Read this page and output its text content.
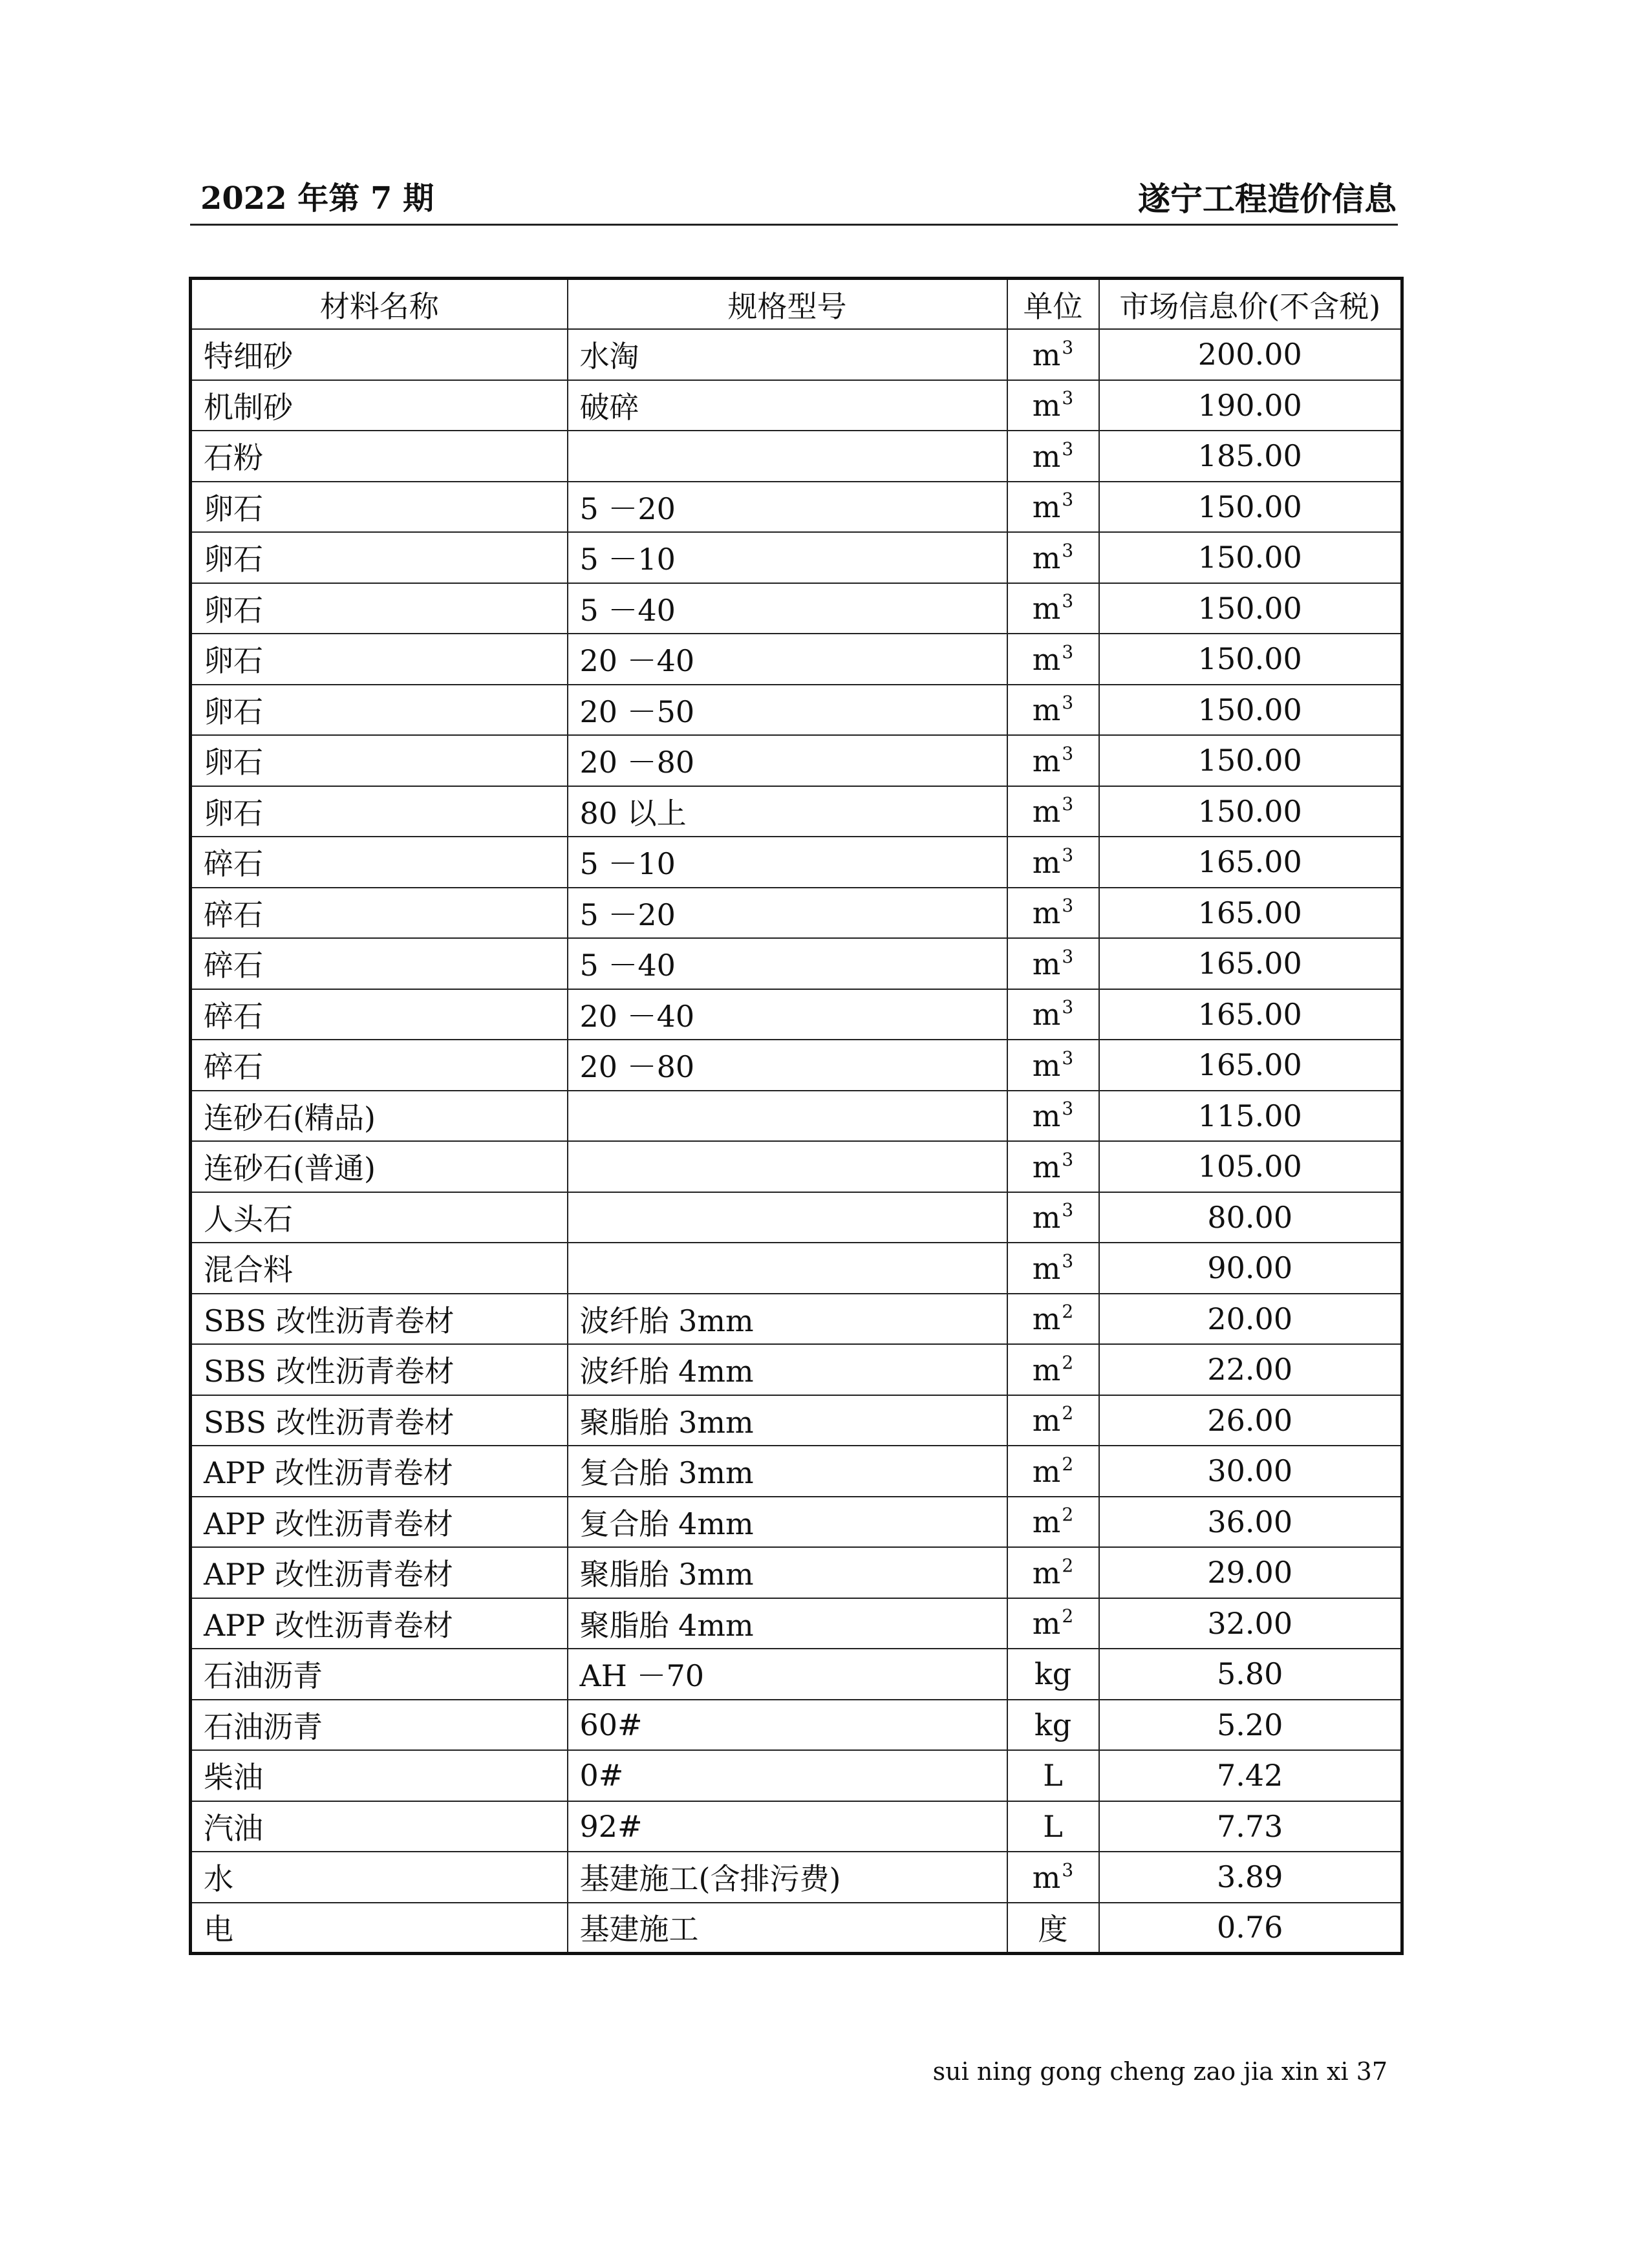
2022 年第 7 期	遂宁工程造价信息
材料名称	规格型号	单位	市场信息价(不含税)
特细砂	水淘	$m^3$	200.00
机制砂	破碎	$m^3$	190.00
石粉		$m^3$	185.00
卵石	5 －20	$m^3$	150.00
卵石	5 －10	$m^3$	150.00
卵石	5 －40	$m^3$	150.00
卵石	20 －40	$m^3$	150.00
卵石	20 －50	$m^3$	150.00
卵石	20 －80	$m^3$	150.00
卵石	80 以上	$m^3$	150.00
碎石	5 －10	$m^3$	165.00
碎石	5 －20	$m^3$	165.00
碎石	5 －40	$m^3$	165.00
碎石	20 －40	$m^3$	165.00
碎石	20 －80	$m^3$	165.00
连砂石(精品)		$m^3$	115.00
连砂石(普通)		$m^3$	105.00
人头石		$m^3$	80.00
混合料		$m^3$	90.00
SBS 改性沥青卷材	波纤胎 3mm	$m^2$	20.00
SBS 改性沥青卷材	波纤胎 4mm	$m^2$	22.00
SBS 改性沥青卷材	聚脂胎 3mm	$m^2$	26.00
APP 改性沥青卷材	复合胎 3mm	$m^2$	30.00
APP 改性沥青卷材	复合胎 4mm	$m^2$	36.00
APP 改性沥青卷材	聚脂胎 3mm	$m^2$	29.00
APP 改性沥青卷材	聚脂胎 4mm	$m^2$	32.00
石油沥青	AH －70	kg	5.80
石油沥青	60#	kg	5.20
柴油	0#	L	7.42
汽油	92#	L	7.73
水	基建施工(含排污费)	$m^3$	3.89
电	基建施工	度	0.76
sui ning gong cheng zao jia xin xi 37
